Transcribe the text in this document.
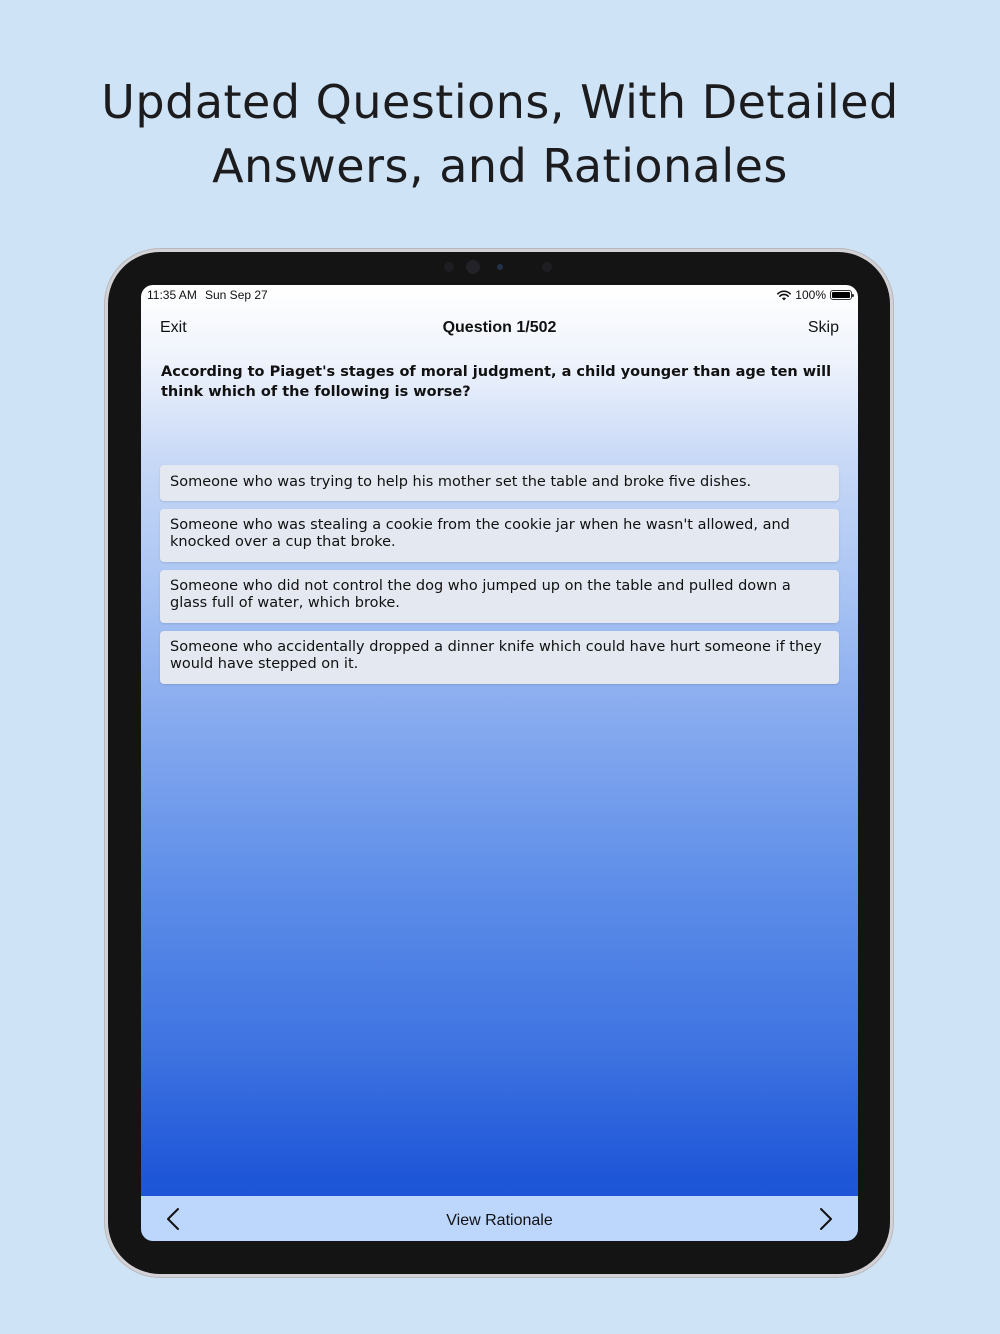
Updated Questions, With Detailed
Answers, and Rationales
11:35 AM Sun Sep 27	100%
Exit	Question 1/502	Skip
According to Piaget's stages of moral judgment, a child younger than age ten will think which of the following is worse?
Someone who was trying to help his mother set the table and broke five dishes.
Someone who was stealing a cookie from the cookie jar when he wasn't allowed, and knocked over a cup that broke.
Someone who did not control the dog who jumped up on the table and pulled down a glass full of water, which broke.
Someone who accidentally dropped a dinner knife which could have hurt someone if they would have stepped on it.
View Rationale
